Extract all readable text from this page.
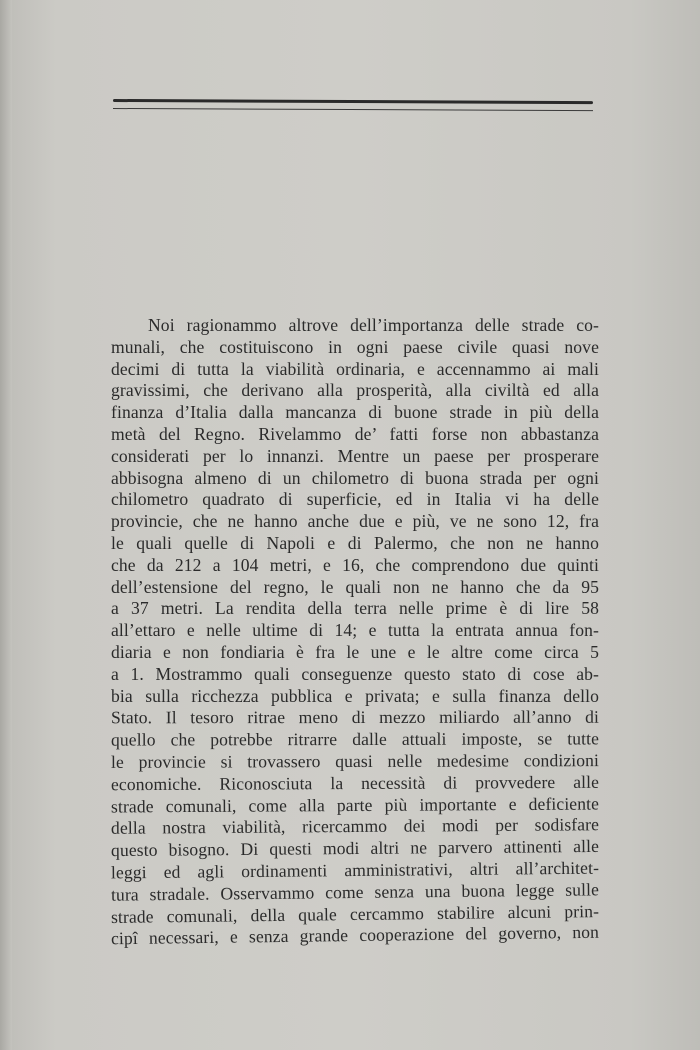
Noi ragionammo altrove dell’importanza delle strade co-
munali, che costituiscono in ogni paese civile quasi nove
decimi di tutta la viabilità ordinaria, e accennammo ai mali
gravissimi, che derivano alla prosperità, alla civiltà ed alla
finanza d’Italia dalla mancanza di buone strade in più della
metà del Regno. Rivelammo de’ fatti forse non abbastanza
considerati per lo innanzi. Mentre un paese per prosperare
abbisogna almeno di un chilometro di buona strada per ogni
chilometro quadrato di superficie, ed in Italia vi ha delle
provincie, che ne hanno anche due e più, ve ne sono 12, fra
le quali quelle di Napoli e di Palermo, che non ne hanno
che da 212 a 104 metri, e 16, che comprendono due quinti
dell’estensione del regno, le quali non ne hanno che da 95
a 37 metri. La rendita della terra nelle prime è di lire 58
all’ettaro e nelle ultime di 14; e tutta la entrata annua fon-
diaria e non fondiaria è fra le une e le altre come circa 5
a 1. Mostrammo quali conseguenze questo stato di cose ab-
bia sulla ricchezza pubblica e privata; e sulla finanza dello
Stato. Il tesoro ritrae meno di mezzo miliardo all’anno di
quello che potrebbe ritrarre dalle attuali imposte, se tutte
le provincie si trovassero quasi nelle medesime condizioni
economiche. Riconosciuta la necessità di provvedere alle
strade comunali, come alla parte più importante e deficiente
della nostra viabilità, ricercammo dei modi per sodisfare
questo bisogno. Di questi modi altri ne parvero attinenti alle
leggi ed agli ordinamenti amministrativi, altri all’architet-
tura stradale. Osservammo come senza una buona legge sulle
strade comunali, della quale cercammo stabilire alcuni prin-
cipî necessari, e senza grande cooperazione del governo, non
